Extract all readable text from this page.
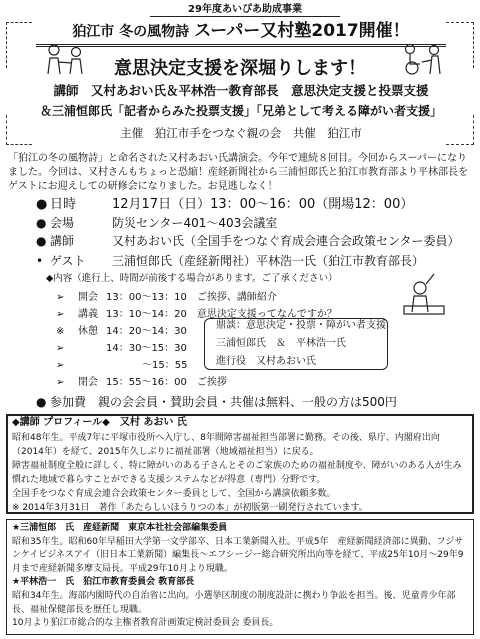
29年度あいぴあ助成事業
狛江市 冬の風物詩 スーパー又村塾2017開催！
意思決定支援を深堀りします！
講師　又村あおい氏＆平林浩一教育部長　意思決定支援と投票支援
＆三浦恒郎氏「記者からみた投票支援」「兄弟として考える障がい者支援」
主催　狛江市手をつなぐ親の会　共催　狛江市
「狛江の冬の風物詩」と命名された又村あおい氏講演会。今年で連続８回目。今回からスーパーになりました。今回は、又村さんもちょっと恐縮！産経新聞社から三浦恒郎氏と狛江市教育部より平林部長をゲストにお迎えしての研修会になりました。お見逃しなく！
● 日時	12月17日（日）13：00～16：00（開場12：00）
● 会場	防災センター401～403会議室
● 講師	又村あおい氏（全国手をつなぐ育成会連合会政策センター委員）
• ゲスト 三浦恒郎氏（産経新聞社）平林浩一氏（狛江市教育部長）
◆内容（進行上、時間が前後する場合があります。ご了承ください）
➢ 開会 13：00～13：10　 ご挨拶、講師紹介
➢ 講義 13：10～14：20　 意思決定支援ってなんですか？
※ 休憩 14：20～14：30
➢	14：30～15：30
➢	～15：55
➢ 閉会 15：55～16：00　 ご挨拶
鼎談：意思決定・投票・障がい者支援
三浦恒郎氏　＆　平林浩一氏
進行役　又村あおい氏
● 参加費　親の会会員・賛助会員・共催は無料、一般の方は500円
◆講師 プロフィール◆　又村 あおい 氏

昭和48年生。平成7年に平塚市役所へ入庁し、8年間障害福祉担当部署に勤務。その後、県庁、内閣府出向（2014年）を経て、2015年久しぶりに福祉部署（地域福祉担当）に戻る。

障害福祉制度全般に詳しく、特に障がいのある子さんとそのご家族のための福祉制度や、障がいのある人が生み慣れた地域で暮らすことができる支援システムなどが得意（専門）分野です。

全国手をつなぐ育成会連合会政策センター委員として、全国から講演依頼多数。

※ 2014年3月31日　著作「あたらしいほうりつの本」が初版第一刷発行されています。

★三浦恒郎　氏　産経新聞　東京本社社会部編集委員

昭和35年生。昭和60年早稲田大学第一文学部卒、日本工業新聞入社。平成5年　産経新聞経済部に異動、フジサンケイビジネスアイ（旧日本工業新聞）編集長～エフシージー総合研究所出向等を経て、平成25年10月～29年9月まで産経新聞多摩支局長。平成29年10月より現職。

★平林浩一　氏　狛江市教育委員会 教育部長

昭和34年生。海部内閣時代の自治省に出向。小選挙区制度の制度設計に携わり争訟を担当。後、児童青少年部長、福祉保健部長を歴任し現職。

10月より狛江市総合的な主権者教育計画策定検討委員会 委員長。
